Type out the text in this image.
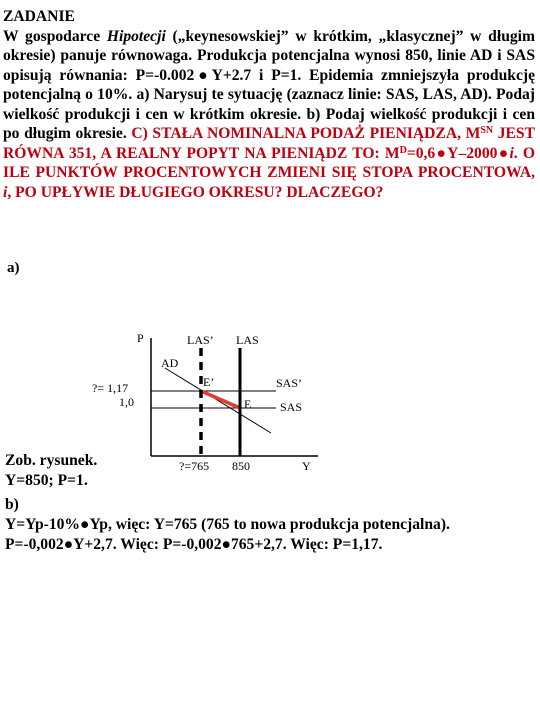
ZADANIE
W gospodarce Hipotecji („keynesowskiej” w krótkim, „klasycznej” w długim okresie) panuje równowaga. Produkcja potencjalna wynosi 850, linie AD i SAS opisują równania: P=-0.002●Y+2.7 i P=1. Epidemia zmniejszyła produkcję potencjalną o 10%. a) Narysuj te sytuację (zaznacz linie: SAS, LAS, AD). Podaj wielkość produkcji i cen w krótkim okresie. b) Podaj wielkość produkcji i cen po długim okresie. C) STAŁA NOMINALNA PODAŻ PIENIĄDZA, $M^{SN}$ JEST RÓWNA 351, A REALNY POPYT NA PIENIĄDZ TO: $M^D=0,6●Y-2000●i$. O ILE PUNKTÓW PROCENTOWYCH ZMIENI SIĘ STOPA PROCENTOWA, i, PO UPŁYWIE DŁUGIEGO OKRESU? DLACZEGO?

a)
P
Y
SAS’
SAS
AD
LAS’ LAS
E’
E
?= 1,17
1,0
?=765 850
Zob. rysunek.
Y=850; P=1.
b)
Y=Yp-10%●Yp, więc: Y=765 (765 to nowa produkcja potencjalna).
P=-0,002●Y+2,7. Więc: P=-0,002●765+2,7. Więc: P=1,17.
